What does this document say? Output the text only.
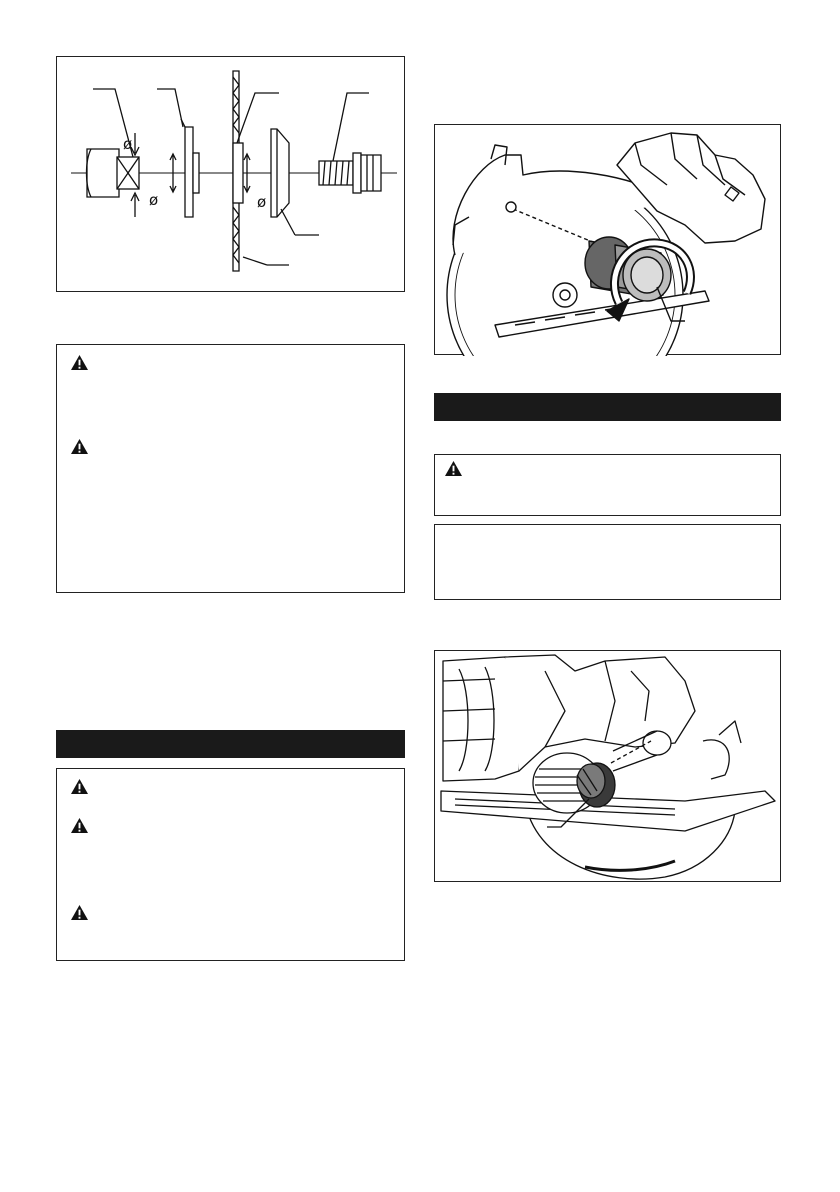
ø
ø	ø
